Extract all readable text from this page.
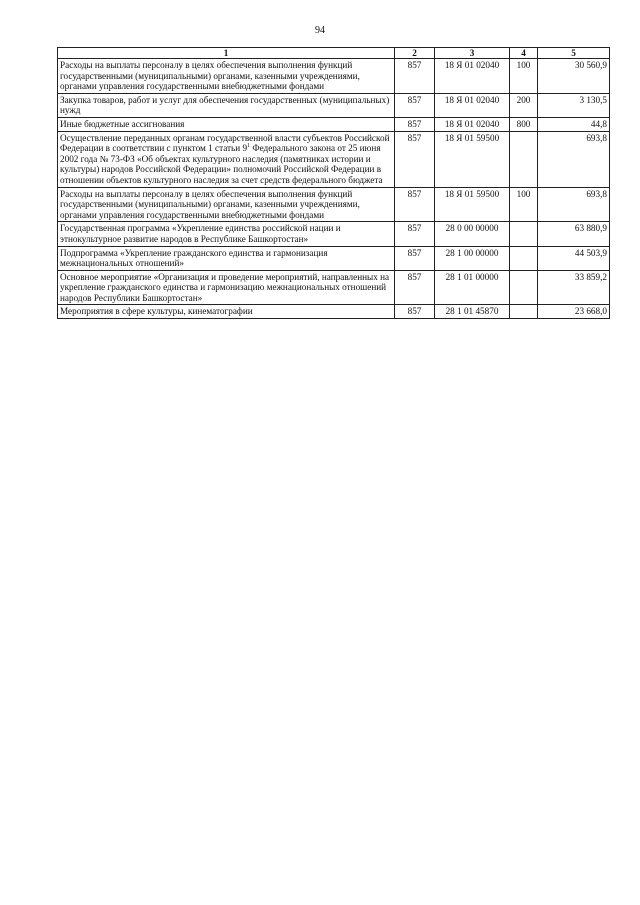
94
1	2	3	4	5
Расходы на выплаты персоналу в целях обеспечения выполнения функций государственными (муниципальными) органами, казенными учреждениями, органами управления государственными внебюджетными фондами	857	18 Я 01 02040	100	30 560,9
Закупка товаров, работ и услуг для обеспечения государственных (муниципальных) нужд	857	18 Я 01 02040	200	3 130,5
Иные бюджетные ассигнования	857	18 Я 01 02040	800	44,8
Осуществление переданных органам государственной власти субъектов Российской Федерации в соответствии с пунктом 1 статьи $9^1$ Федерального закона от 25 июня 2002 года № 73-ФЗ «Об объектах культурного наследия (памятниках истории и культуры) народов Российской Федерации» полномочий Российской Федерации в отношении объектов культурного наследия за счет средств федерального бюджета	857	18 Я 01 59500		693,8
Расходы на выплаты персоналу в целях обеспечения выполнения функций государственными (муниципальными) органами, казенными учреждениями, органами управления государственными внебюджетными фондами	857	18 Я 01 59500	100	693,8
Государственная программа «Укрепление единства российской нации и этнокультурное развитие народов в Республике Башкортостан»	857	28 0 00 00000		63 880,9
Подпрограмма «Укрепление гражданского единства и гармонизация межнациональных отношений»	857	28 1 00 00000		44 503,9
Основное мероприятие «Организация и проведение мероприятий, направленных на укрепление гражданского единства и гармонизацию межнациональных отношений народов Республики Башкортостан»	857	28 1 01 00000		33 859,2
Мероприятия в сфере культуры, кинематографии	857	28 1 01 45870		23 668,0
